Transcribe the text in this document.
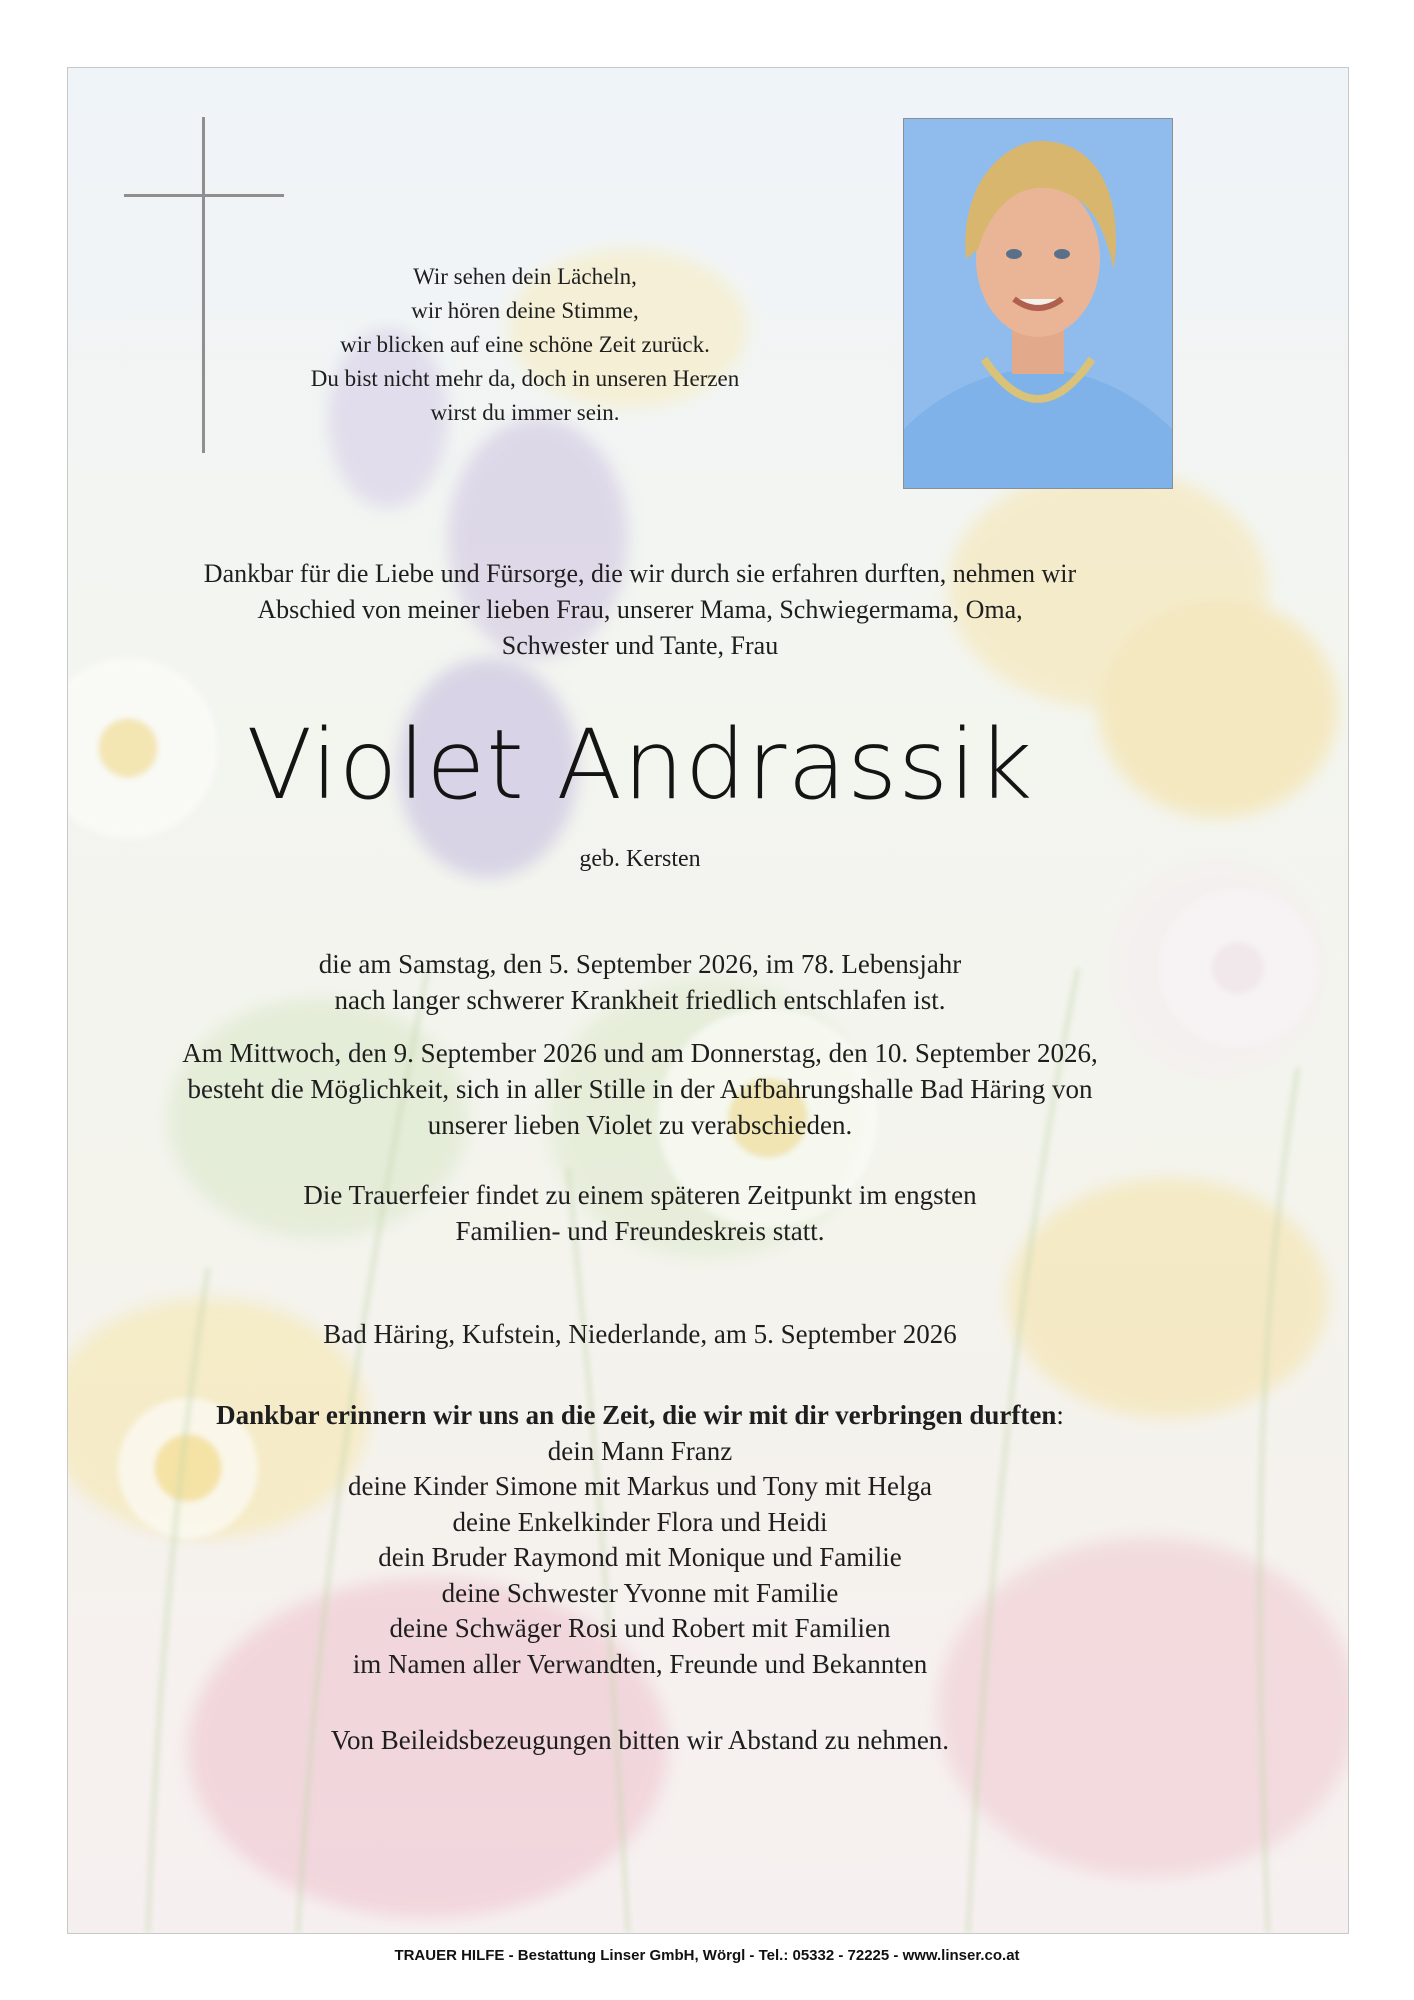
Wir sehen dein Lächeln,
wir hören deine Stimme,
wir blicken auf eine schöne Zeit zurück.
Du bist nicht mehr da, doch in unseren Herzen
wirst du immer sein.
Dankbar für die Liebe und Fürsorge, die wir durch sie erfahren durften, nehmen wir
Abschied von meiner lieben Frau, unserer Mama, Schwiegermama, Oma,
Schwester und Tante, Frau
Violet Andrassik
geb. Kersten
die am Samstag, den 5. September 2026, im 78. Lebensjahr
nach langer schwerer Krankheit friedlich entschlafen ist.
Am Mittwoch, den 9. September 2026 und am Donnerstag, den 10. September 2026,
besteht die Möglichkeit, sich in aller Stille in der Aufbahrungshalle Bad Häring von
unserer lieben Violet zu verabschieden.
Die Trauerfeier findet zu einem späteren Zeitpunkt im engsten
Familien- und Freundeskreis statt.
Bad Häring, Kufstein, Niederlande, am 5. September 2026
Dankbar erinnern wir uns an die Zeit, die wir mit dir verbringen durften:
dein Mann Franz
deine Kinder Simone mit Markus und Tony mit Helga
deine Enkelkinder Flora und Heidi
dein Bruder Raymond mit Monique und Familie
deine Schwester Yvonne mit Familie
deine Schwäger Rosi und Robert mit Familien
im Namen aller Verwandten, Freunde und Bekannten
Von Beileidsbezeugungen bitten wir Abstand zu nehmen.
TRAUER HILFE - Bestattung Linser GmbH, Wörgl - Tel.: 05332 - 72225 - www.linser.co.at
